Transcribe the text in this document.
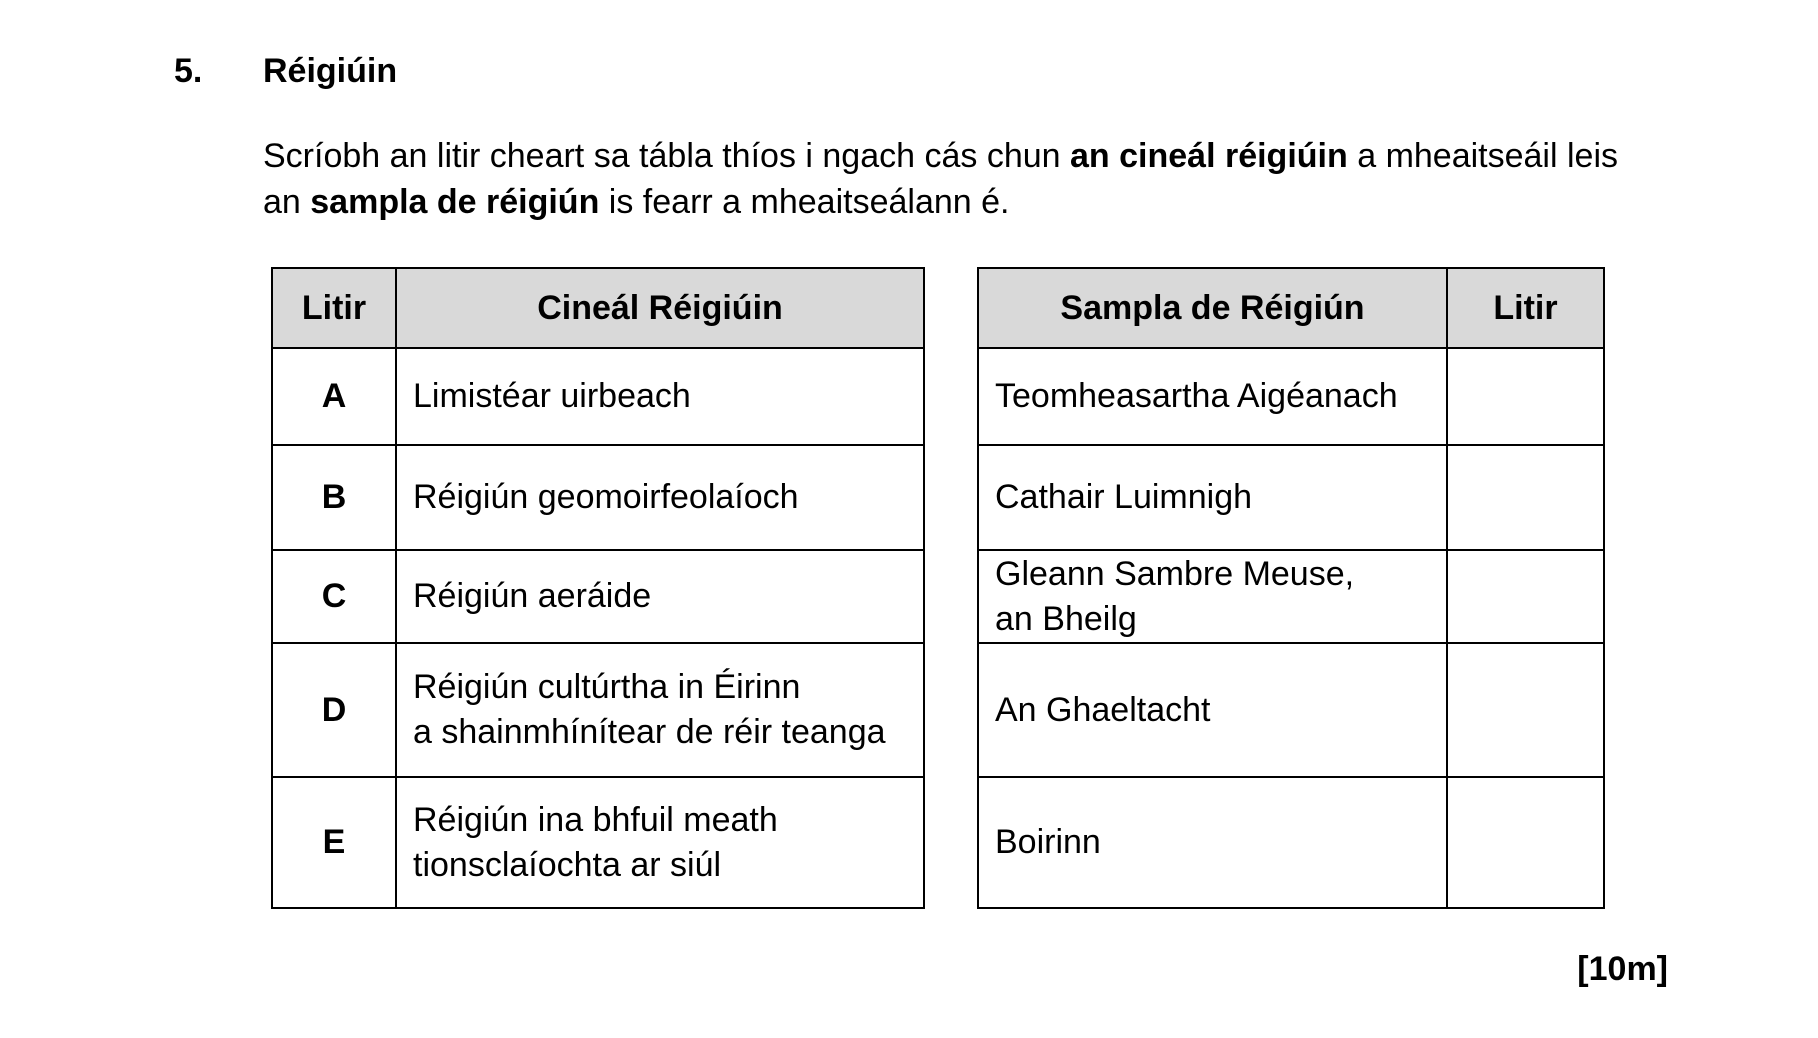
5. Réigiúin
Scríobh an litir cheart sa tábla thíos i ngach cás chun an cineál réigiúin a mheaitseáil leis an sampla de réigiún is fearr a mheaitseálann é.
Litir	Cineál Réigiúin
A	Limistéar uirbeach

B	Réigiún geomoirfeolaíoch

C	Réigiún aeráide

D	Réigiún cultúrtha in Éirinn
a shainmhínítear de réir teanga

E	Réigiún ina bhfuil meath
tionsclaíochta ar siúl
Sampla de Réigiún	Litir

Teomheasartha Aigéanach	

Cathair Luimnigh	

Gleann Sambre Meuse,
an Bheilg	

An Ghaeltacht	

Boirinn	

[10m]
